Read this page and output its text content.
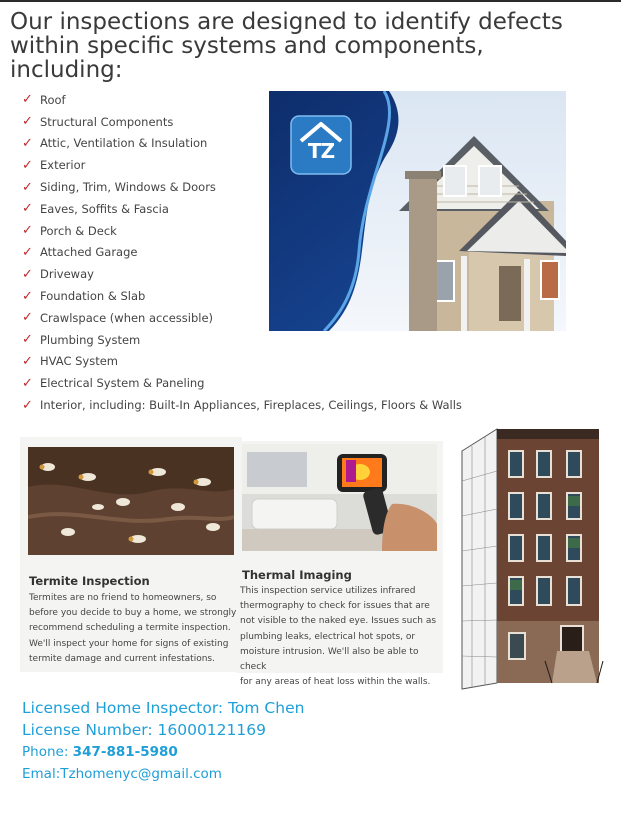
Our inspections are designed to identify defects
within specific systems and components,
including:
✓ Roof
✓ Structural Components
✓ Attic, Ventilation & Insulation
✓ Exterior
✓ Siding, Trim, Windows & Doors
✓ Eaves, Soffits & Fascia
✓ Porch & Deck
✓ Attached Garage
✓ Driveway
✓ Foundation & Slab
✓ Crawlspace (when accessible)
✓ Plumbing System
✓ HVAC System
✓ Electrical System & Paneling
✓ Interior, including: Built-In Appliances, Fireplaces, Ceilings, Floors & Walls
TZ
Termite Inspection

Termites are no friend to homeowners, so

before you decide to buy a home, we strongly

recommend scheduling a termite inspection.

We'll inspect your home for signs of existing

termite damage and current infestations.

Thermal Imaging

This inspection service utilizes infrared

thermography to check for issues that are

not visible to the naked eye. Issues such as

plumbing leaks, electrical hot spots, or

moisture intrusion. We'll also be able to check

for any areas of heat loss within the walls.

Licensed Home Inspector: Tom Chen
License Number: 16000121169
Phone: 347-881-5980
Emal:Tzhomenyc@gmail.com
